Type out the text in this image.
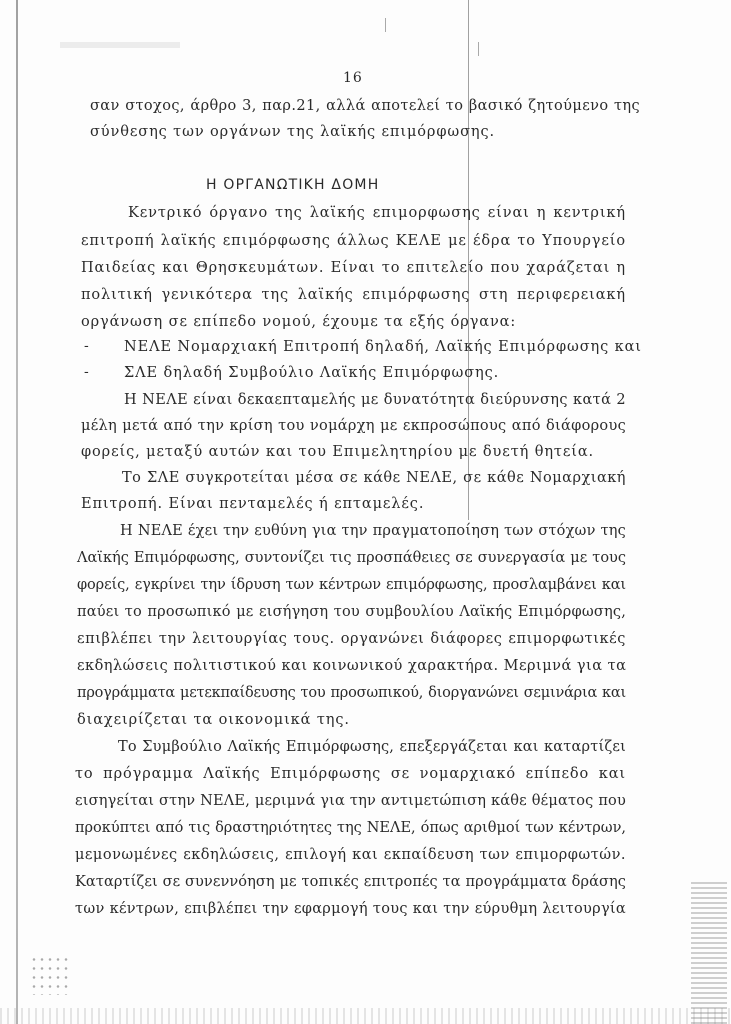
16
σαν στοχος, άρθρο 3, παρ.21, αλλά αποτελεί το βασικό ζητούμενο της
σύνθεσης των οργάνων της λαϊκής επιμόρφωσης.
Η ΟΡΓΑΝΩΤΙΚΗ ΔΟΜΗ
Κεντρικό όργανο της λαϊκής επιμορφωσης είναι η κεντρική
επιτροπή λαϊκής επιμόρφωσης άλλως ΚΕΛΕ με έδρα το Υπουργείο
Παιδείας και Θρησκευμάτων. Είναι το επιτελείο που χαράζεται η
πολιτική γενικότερα της λαϊκής επιμόρφωσης στη περιφερειακή
οργάνωση σε επίπεδο νομού, έχουμε τα εξής όργανα:
- ΝΕΛΕ Νομαρχιακή Επιτροπή δηλαδή, Λαϊκής Επιμόρφωσης και
- ΣΛΕ δηλαδή Συμβούλιο Λαϊκής Επιμόρφωσης.
Η ΝΕΛΕ είναι δεκαεπταμελής με δυνατότητα διεύρυνσης κατά 2
μέλη μετά από την κρίση του νομάρχη με εκπροσώπους από διάφορους
φορείς, μεταξύ αυτών και του Επιμελητηρίου με δυετή θητεία.
Το ΣΛΕ συγκροτείται μέσα σε κάθε ΝΕΛΕ, σε κάθε Νομαρχιακή
Επιτροπή. Είναι πενταμελές ή επταμελές.
Η ΝΕΛΕ έχει την ευθύνη για την πραγματοποίηση των στόχων της
Λαϊκής Επιμόρφωσης, συντονίζει τις προσπάθειες σε συνεργασία με τους
φορείς, εγκρίνει την ίδρυση των κέντρων επιμόρφωσης, προσλαμβάνει και
παύει το προσωπικό με εισήγηση του συμβουλίου Λαϊκής Επιμόρφωσης,
επιβλέπει την λειτουργίας τους. οργανώνει διάφορες επιμορφωτικές
εκδηλώσεις πολιτιστικού και κοινωνικού χαρακτήρα. Μεριμνά για τα
προγράμματα μετεκπαίδευσης του προσωπικού, διοργανώνει σεμινάρια και
διαχειρίζεται τα οικονομικά της.
Το Συμβούλιο Λαϊκής Επιμόρφωσης, επεξεργάζεται και καταρτίζει
το πρόγραμμα Λαϊκής Επιμόρφωσης σε νομαρχιακό επίπεδο και
εισηγείται στην ΝΕΛΕ, μεριμνά για την αντιμετώπιση κάθε θέματος που
προκύπτει από τις δραστηριότητες της ΝΕΛΕ, όπως αριθμοί των κέντρων,
μεμονωμένες εκδηλώσεις, επιλογή και εκπαίδευση των επιμορφωτών.
Καταρτίζει σε συνεννόηση με τοπικές επιτροπές τα προγράμματα δράσης
των κέντρων, επιβλέπει την εφαρμογή τους και την εύρυθμη λειτουργία
